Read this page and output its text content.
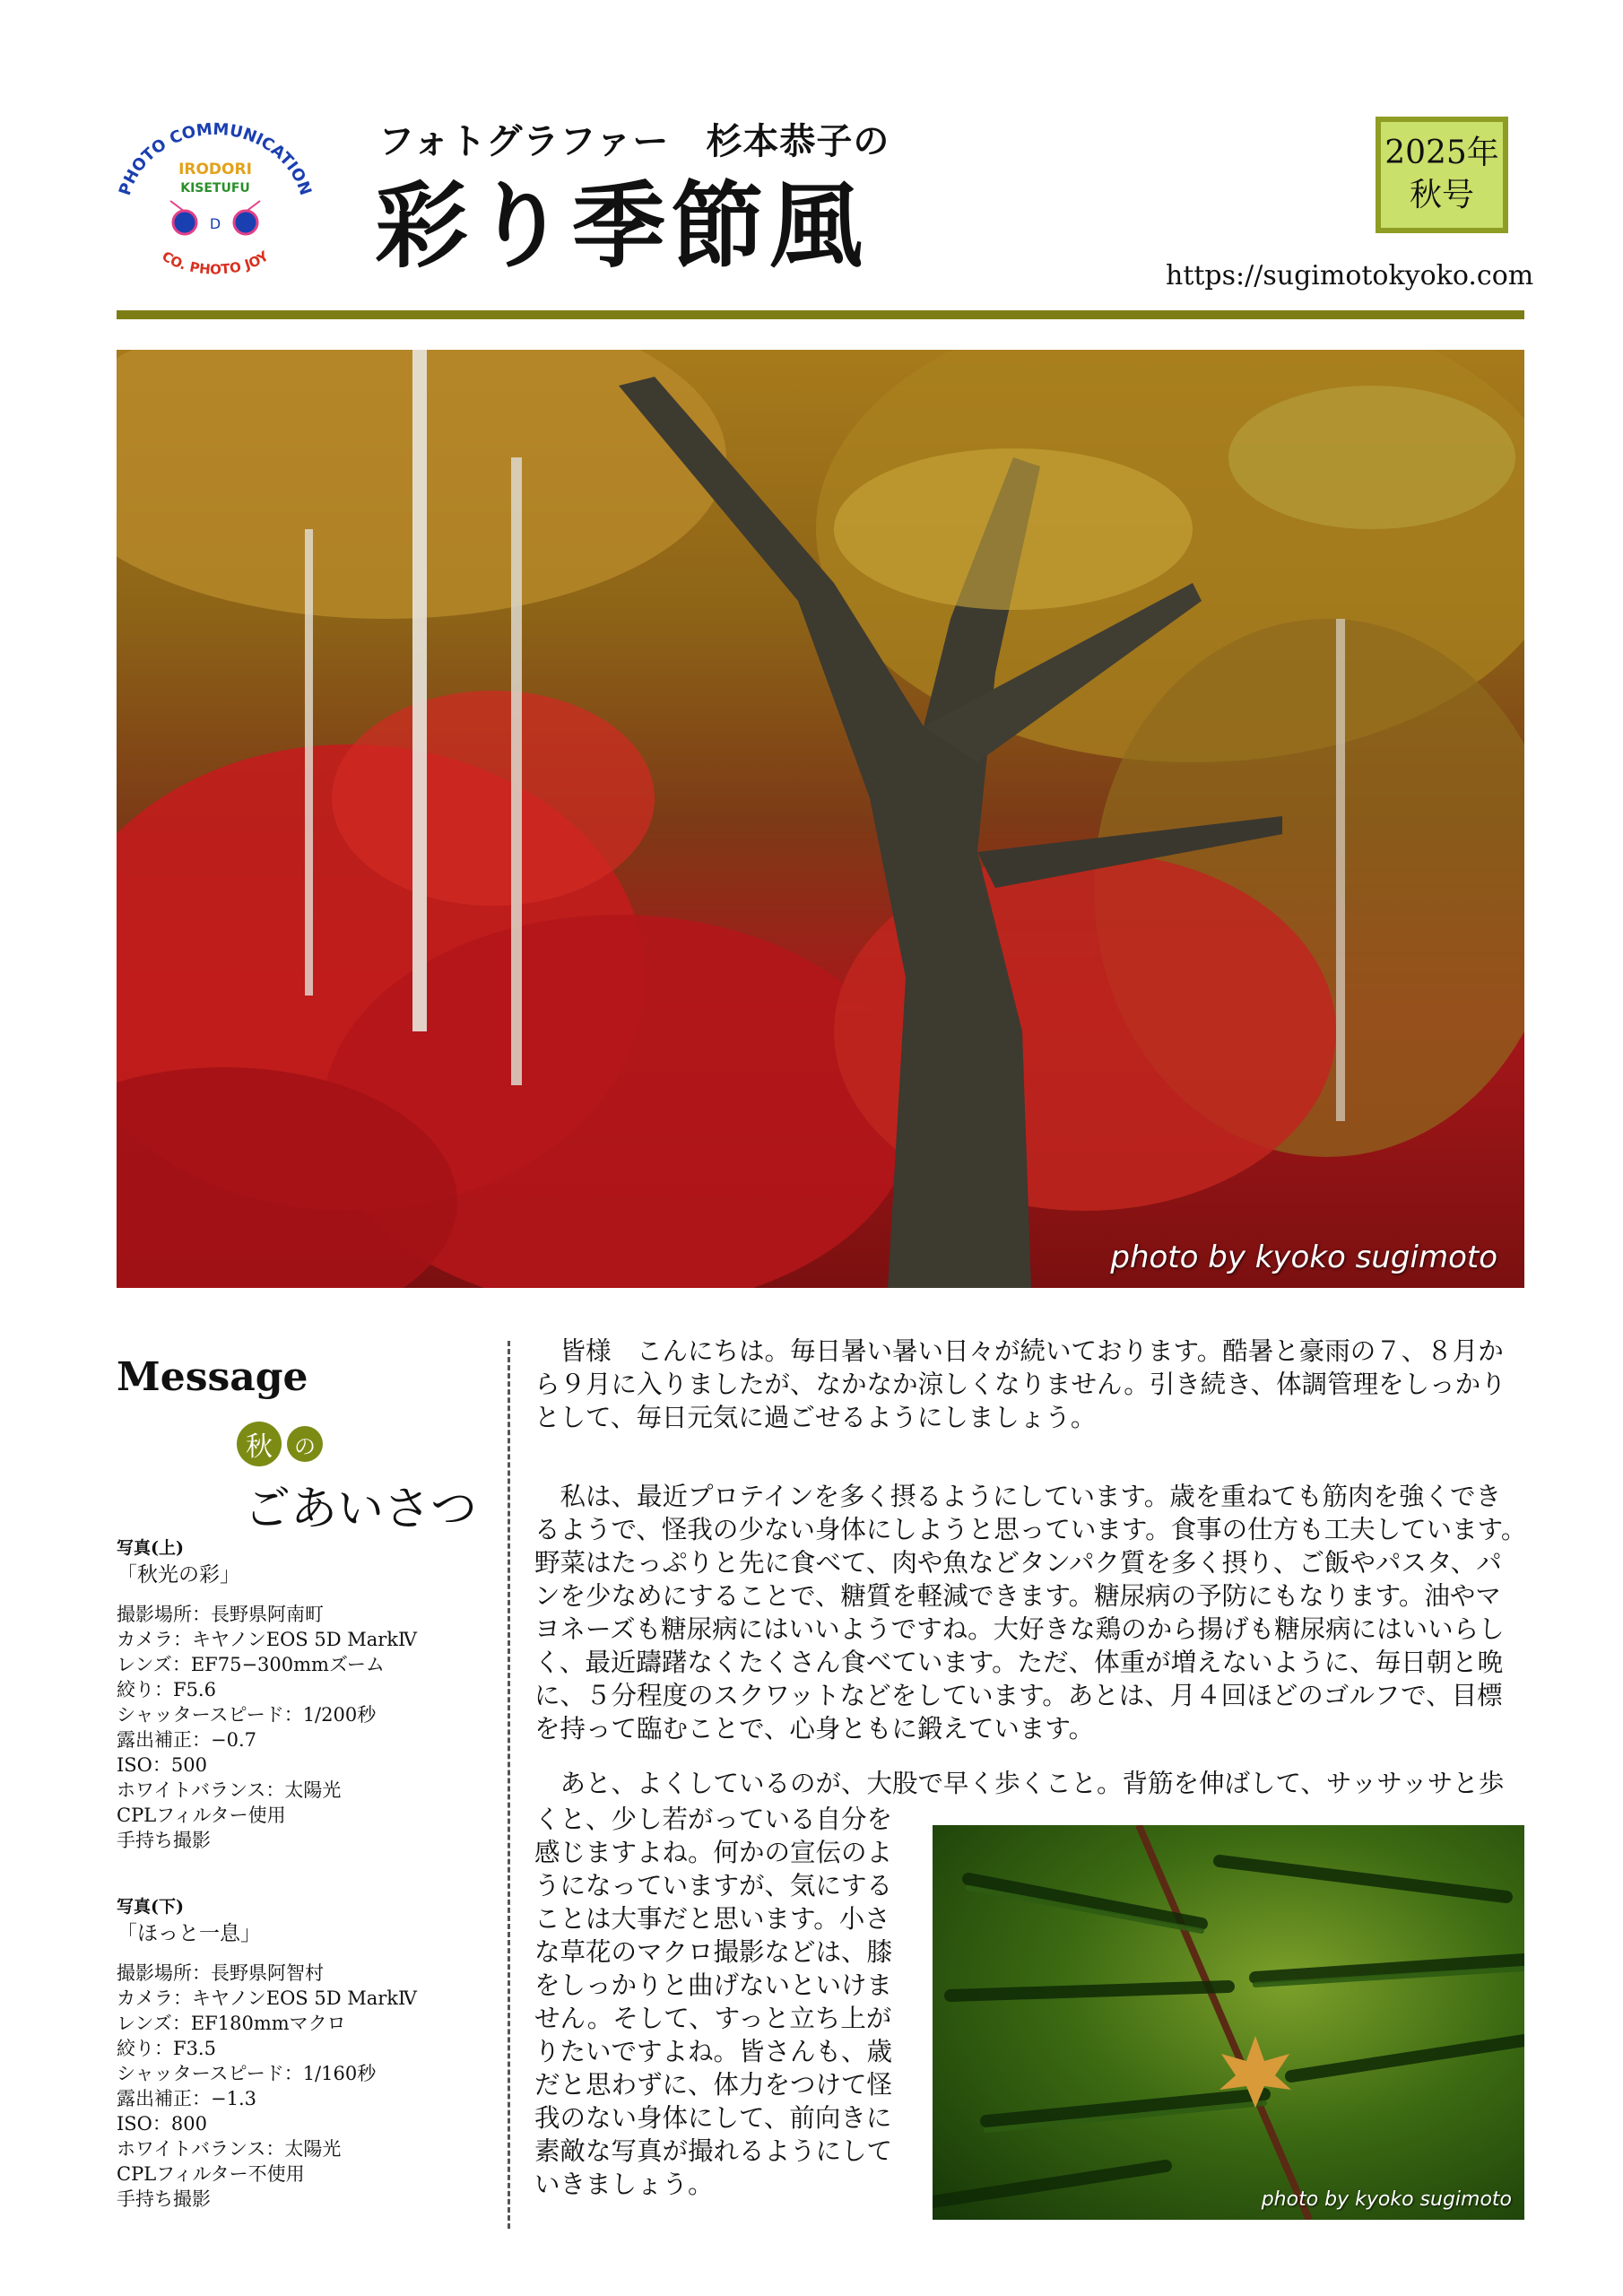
PHOTO COMMUNICATION
IRODORI
KISETUFU
D
CO. PHOTO JOY
フォトグラファー　杉本恭子の
彩り季節風
2025年
秋号
https://sugimotokyoko.com
photo by kyoko sugimoto
Message
秋	の
ごあいさつ
写真(上)
「秋光の彩」
撮影場所：長野県阿南町
カメラ：キヤノンEOS 5D MarkⅣ
レンズ：EF75−300mmズーム
絞り：F5.6
シャッタースピード：1/200秒
露出補正：−0.7
ISO：500
ホワイトバランス：太陽光
CPLフィルター使用
手持ち撮影
写真(下)
「ほっと一息」
撮影場所：長野県阿智村
カメラ：キヤノンEOS 5D MarkⅣ
レンズ：EF180mmマクロ
絞り：F3.5
シャッタースピード：1/160秒
露出補正：−1.3
ISO：800
ホワイトバランス：太陽光
CPLフィルター不使用
手持ち撮影
　皆様　こんにちは。毎日暑い暑い日々が続いております。酷暑と豪雨の７、８月か
ら９月に入りましたが、なかなか涼しくなりません。引き続き、体調管理をしっかり
として、毎日元気に過ごせるようにしましょう。
　私は、最近プロテインを多く摂るようにしています。歳を重ねても筋肉を強くでき
るようで、怪我の少ない身体にしようと思っています。食事の仕方も工夫しています。
野菜はたっぷりと先に食べて、肉や魚などタンパク質を多く摂り、ご飯やパスタ、パ
ンを少なめにすることで、糖質を軽減できます。糖尿病の予防にもなります。油やマ
ヨネーズも糖尿病にはいいようですね。大好きな鶏のから揚げも糖尿病にはいいらし
く、最近躊躇なくたくさん食べています。ただ、体重が増えないように、毎日朝と晩
に、５分程度のスクワットなどをしています。あとは、月４回ほどのゴルフで、目標
を持って臨むことで、心身ともに鍛えています。
　あと、よくしているのが、大股で早く歩くこと。背筋を伸ばして、サッサッサと歩
くと、少し若がっている自分を
感じますよね。何かの宣伝のよ
うになっていますが、気にする
ことは大事だと思います。小さ
な草花のマクロ撮影などは、膝
をしっかりと曲げないといけま
せん。そして、すっと立ち上が
りたいですよね。皆さんも、歳
だと思わずに、体力をつけて怪
我のない身体にして、前向きに
素敵な写真が撮れるようにして
いきましょう。
photo by kyoko sugimoto
